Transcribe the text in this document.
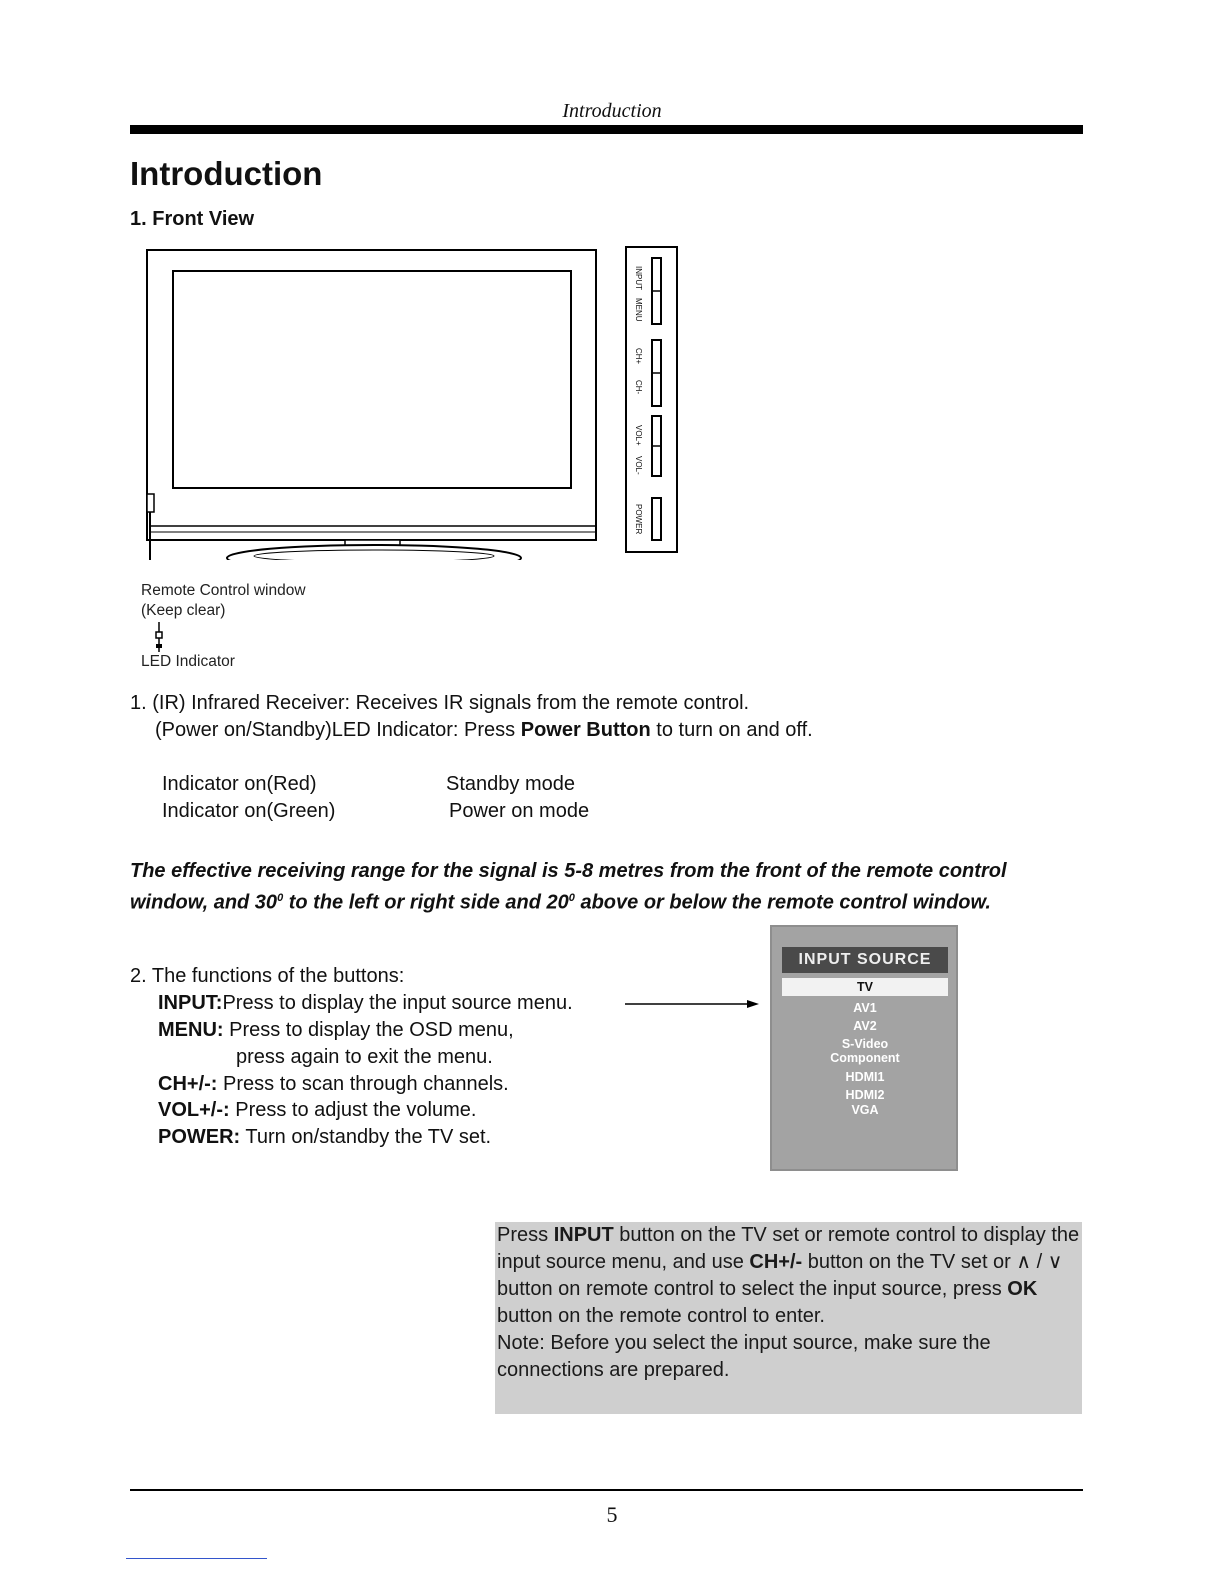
Introduction
Introduction
1. Front View
INPUT
MENU
CH+
CH-
VOL+
VOL-
POWER
Remote Control window
(Keep clear)
LED Indicator
1. (IR) Infrared Receiver: Receives IR signals from the remote control.
(Power on/Standby)LED Indicator: Press Power Button to turn on and off.
Indicator on(Red)	Standby mode
Indicator on(Green)	Power on mode

The effective receiving range for the signal is 5-8 metres from the front of the remote control window, and $30^0$ to the left or right side and $20^0$ above or below the remote control window.

2. The functions of the buttons:
INPUT:Press to display the input source menu.
MENU: Press to display the OSD menu,
press again to exit the menu.
CH+/-: Press to scan through channels.
VOL+/-: Press to adjust the volume.
POWER: Turn on/standby the TV set.
INPUT SOURCE
TV
AV1
AV2
S-Video
Component
HDMI1
HDMI2
VGA
Press INPUT button on the TV set or remote control to display the input source menu, and use CH+/- button on the TV set or ∧ / ∨ button on remote control to select the input source, press OK button on the remote control to enter.
Note: Before you select the input source, make sure the connections are prepared.
5
